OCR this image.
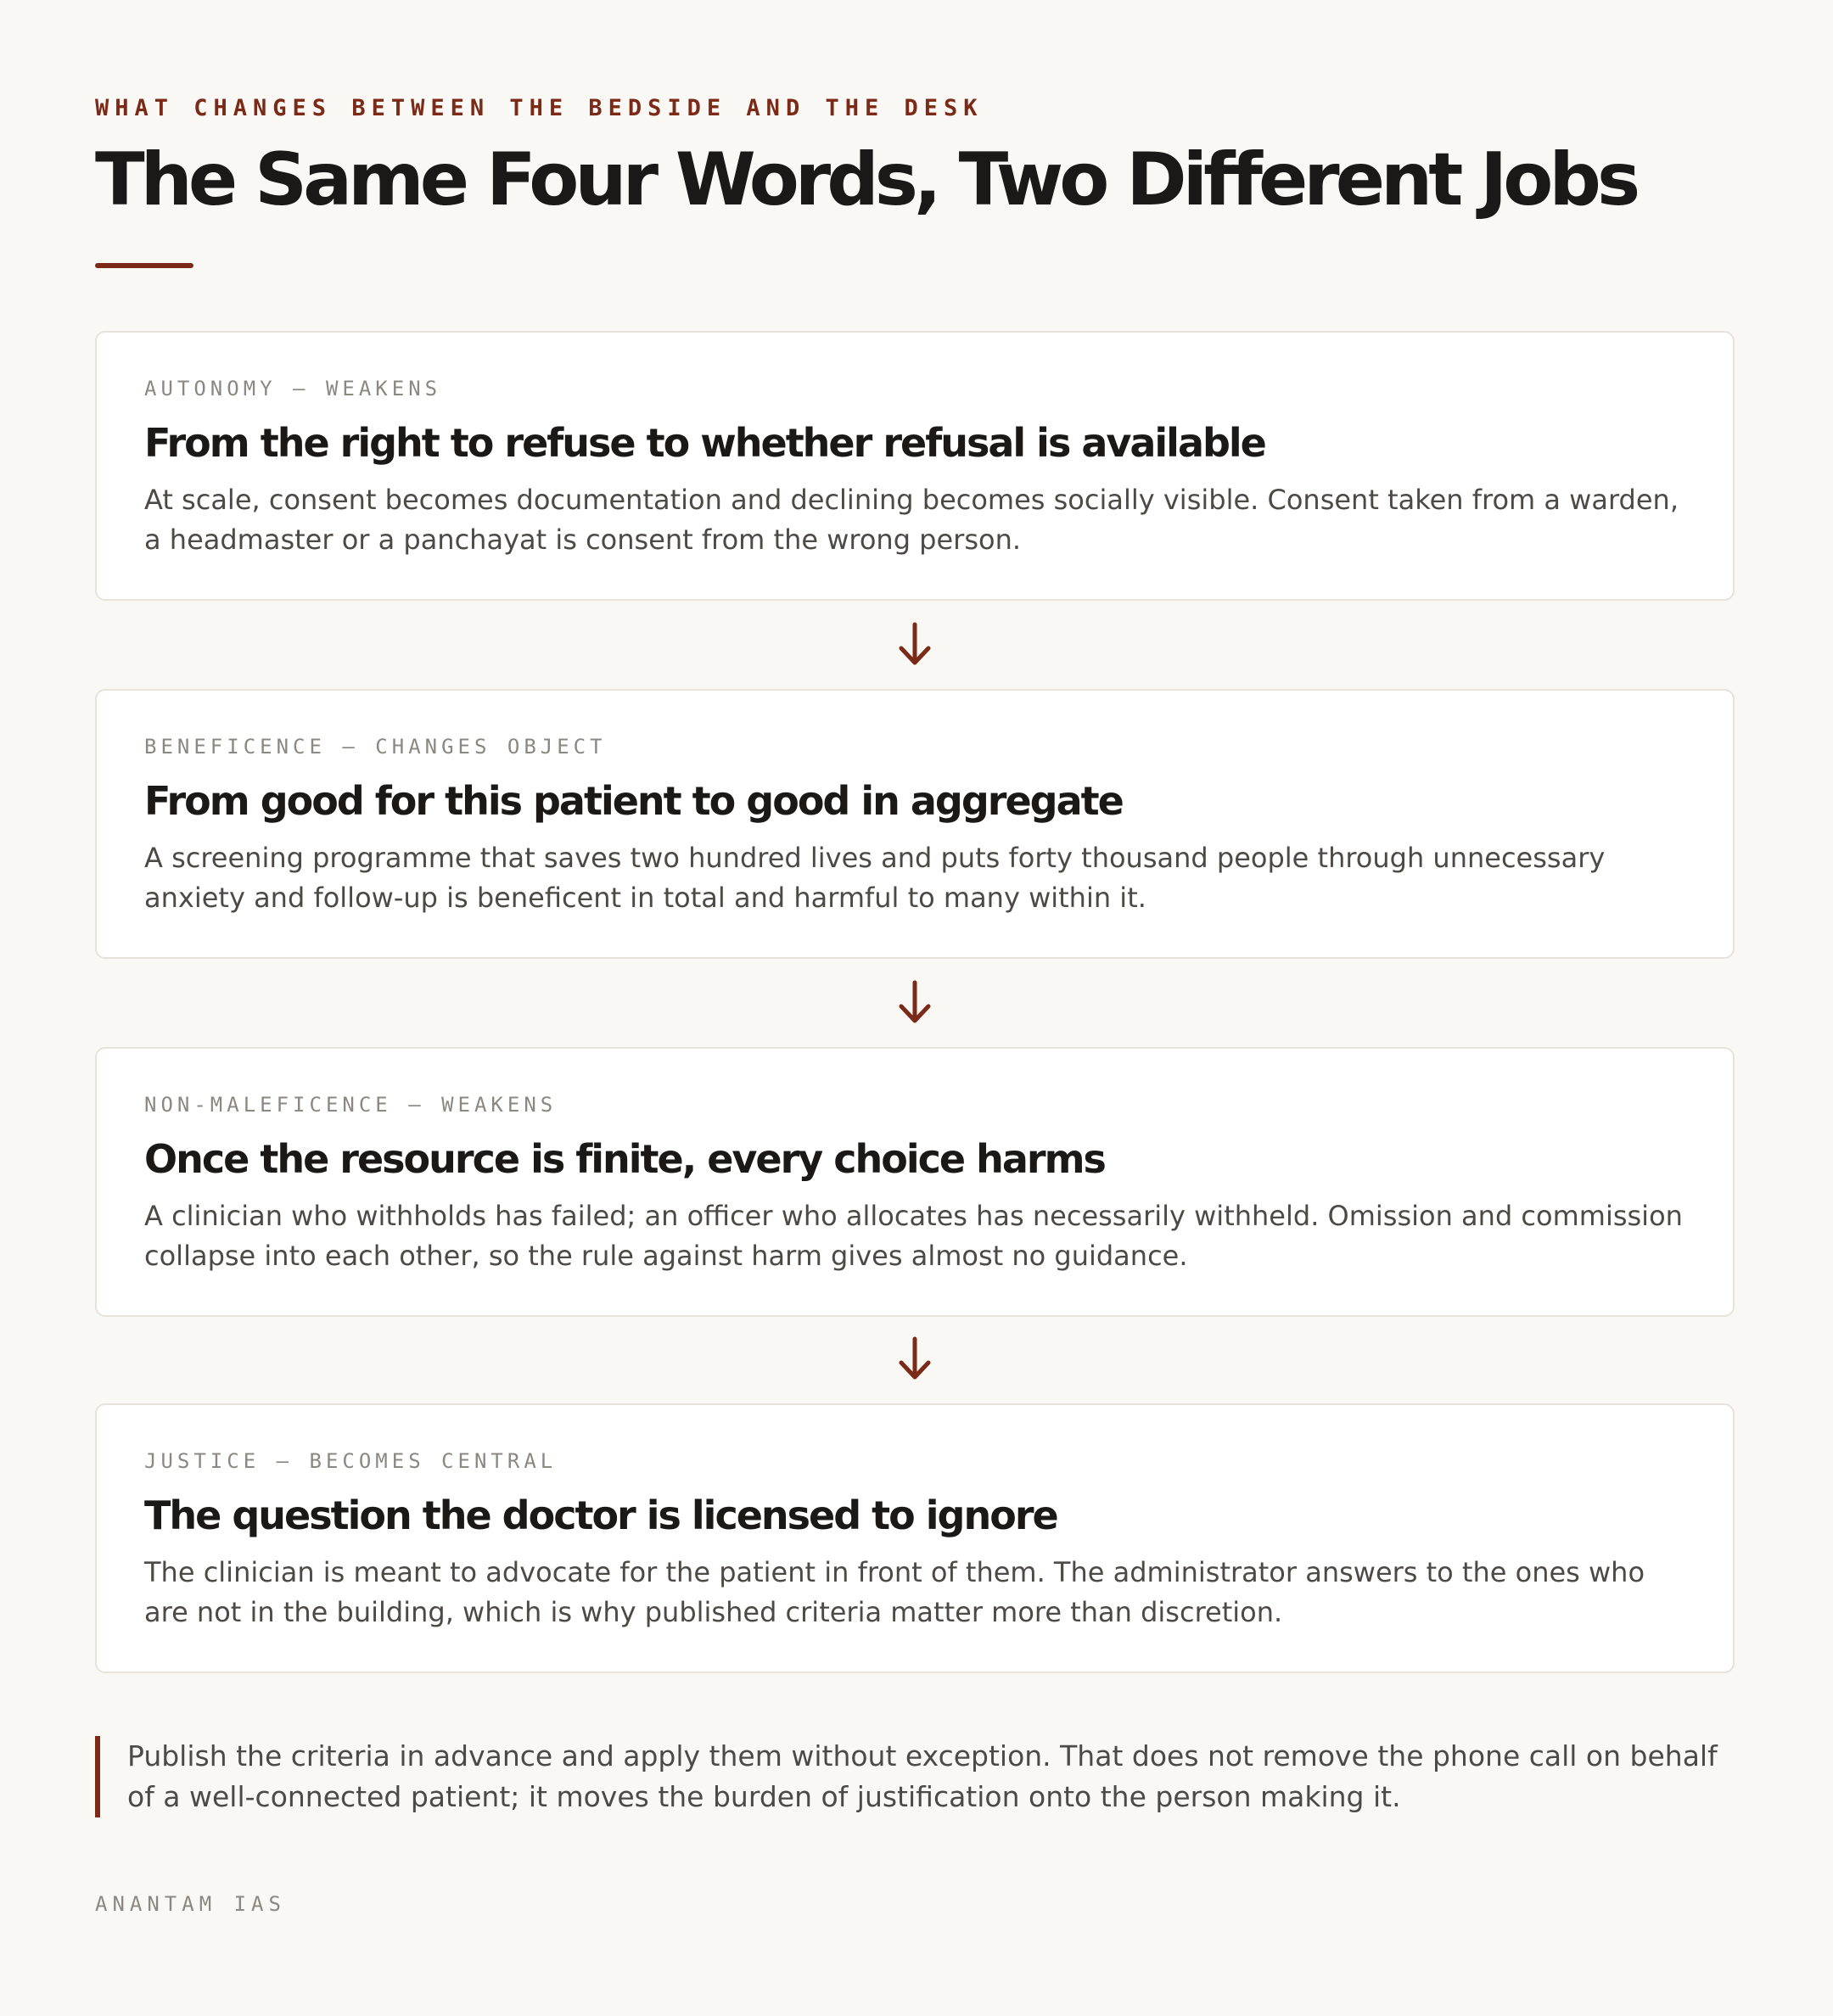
WHAT CHANGES BETWEEN THE BEDSIDE AND THE DESK
The Same Four Words, Two Different Jobs
AUTONOMY — WEAKENS
From the right to refuse to whether refusal is available
At scale, consent becomes documentation and declining becomes socially visible. Consent taken from a warden, a headmaster or a panchayat is consent from the wrong person.
BENEFICENCE — CHANGES OBJECT
From good for this patient to good in aggregate
A screening programme that saves two hundred lives and puts forty thousand people through unnecessary anxiety and follow-up is beneficent in total and harmful to many within it.
NON-MALEFICENCE — WEAKENS
Once the resource is finite, every choice harms
A clinician who withholds has failed; an officer who allocates has necessarily withheld. Omission and commission collapse into each other, so the rule against harm gives almost no guidance.
JUSTICE — BECOMES CENTRAL
The question the doctor is licensed to ignore
The clinician is meant to advocate for the patient in front of them. The administrator answers to the ones who are not in the building, which is why published criteria matter more than discretion.
Publish the criteria in advance and apply them without exception. That does not remove the phone call on behalf of a well-connected patient; it moves the burden of justification onto the person making it.
ANANTAM IAS
